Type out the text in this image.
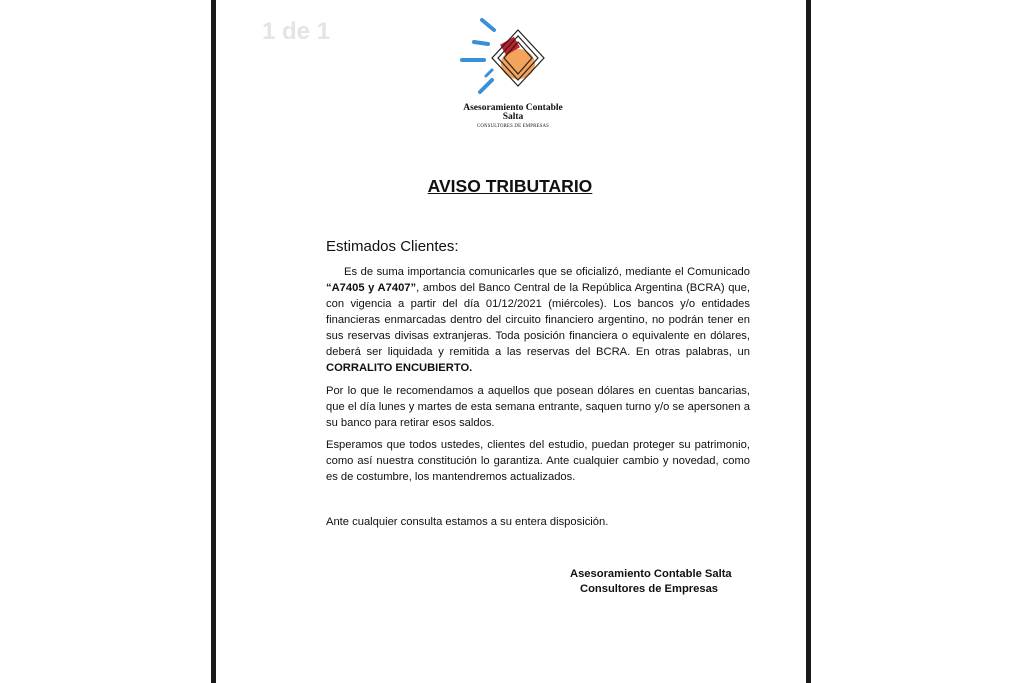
1 de 1
Asesoramiento Contable
Salta
CONSULTORES DE EMPRESAS
AVISO TRIBUTARIO
Estimados Clientes:

Es de suma importancia comunicarles que se oficializó, mediante el Comunicado “A7405 y A7407”, ambos del Banco Central de la República Argentina (BCRA) que, con vigencia a partir del día 01/12/2021 (miércoles). Los bancos y/o entidades financieras enmarcadas dentro del circuito financiero argentino, no podrán tener en sus reservas divisas extranjeras. Toda posición financiera o equivalente en dólares, deberá ser liquidada y remitida a las reservas del BCRA. En otras palabras, un CORRALITO ENCUBIERTO.

Por lo que le recomendamos a aquellos que posean dólares en cuentas bancarias, que el día lunes y martes de esta semana entrante, saquen turno y/o se apersonen a su banco para retirar esos saldos.

Esperamos que todos ustedes, clientes del estudio, puedan proteger su patrimonio, como así nuestra constitución lo garantiza. Ante cualquier cambio y novedad, como es de costumbre, los mantendremos actualizados.

Ante cualquier consulta estamos a su entera disposición.
Asesoramiento Contable Salta
Consultores de Empresas
